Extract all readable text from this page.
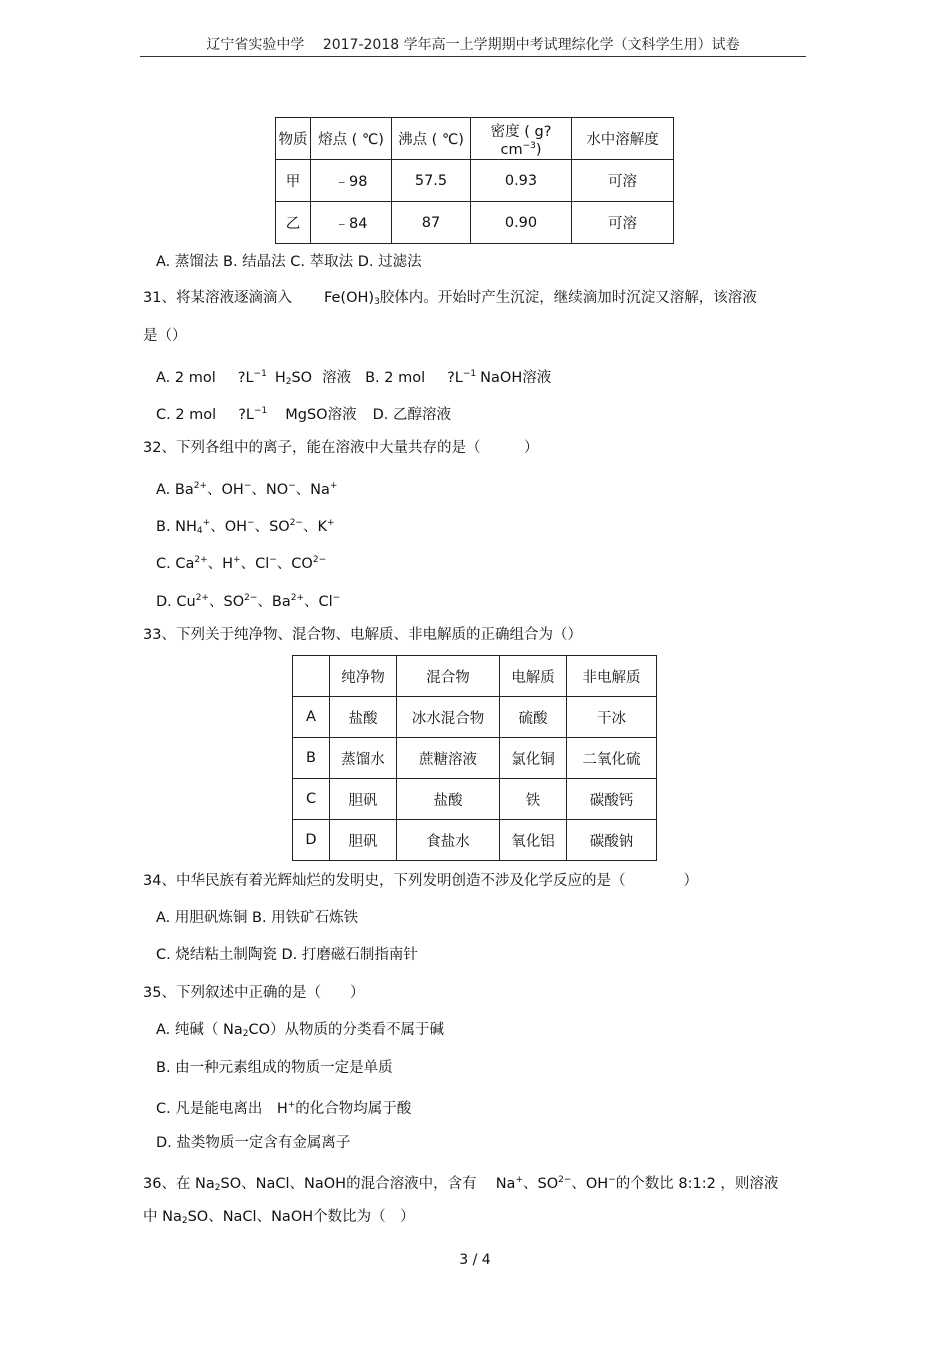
辽宁省实验中学　 2017-2018 学年高一上学期期中考试理综化学（文科学生用）试卷
物质	熔点 ( ℃)	沸点 ( ℃)	密度 ( $g?cm^{-3}$)	水中溶解度
甲	﹣98	57.5	0.93	可溶
乙	﹣84	87	0.90	可溶
A. 蒸馏法 B. 结晶法 C. 萃取法 D. 过滤法
31、将某溶液逐滴滴入 $Fe(OH)_3$胶体内。开始时产生沉淀，继续滴加时沉淀又溶解，该溶液
是（）
A. 2 mol $?L^{-1}$ $H_2SO$ 溶液 B. 2 mol $?L^{-1}$ NaOH溶液
C. 2 mol $?L^{-1}$ MgSO溶液 D. 乙醇溶液
32、下列各组中的离子，能在溶液中大量共存的是（　　　）
A. $Ba^{2+}$、OH−、NO−、Na+
B. $NH_4^+$、OH−、$SO^{2-}$、K+
C. $Ca^{2+}$、H+、Cl−、$CO^{2-}$
D. $Cu^{2+}$、$SO^{2-}$、$Ba^{2+}$、Cl−
33、下列关于纯净物、混合物、电解质、非电解质的正确组合为（）
	纯净物	混合物	电解质	非电解质
A	盐酸	冰水混合物	硫酸	干冰
B	蒸馏水	蔗糖溶液	氯化铜	二氧化硫
C	胆矾	盐酸	铁	碳酸钙
D	胆矾	食盐水	氧化铝	碳酸钠
34、中华民族有着光辉灿烂的发明史，下列发明创造不涉及化学反应的是（　　　　）
A. 用胆矾炼铜 B. 用铁矿石炼铁
C. 烧结粘土制陶瓷 D. 打磨磁石制指南针
35、下列叙述中正确的是（　　）
A. 纯碱（ $Na_2CO$）从物质的分类看不属于碱
B. 由一种元素组成的物质一定是单质
C. 凡是能电离出　H+的化合物均属于酸
D. 盐类物质一定含有金属离子
36、在 $Na_2SO$、NaCl、NaOH的混合溶液中，含有　 Na+、$SO^{2-}$、OH−的个数比 8:1:2 ，则溶液
中 $Na_2SO$、NaCl、NaOH个数比为（　）
3 / 4
